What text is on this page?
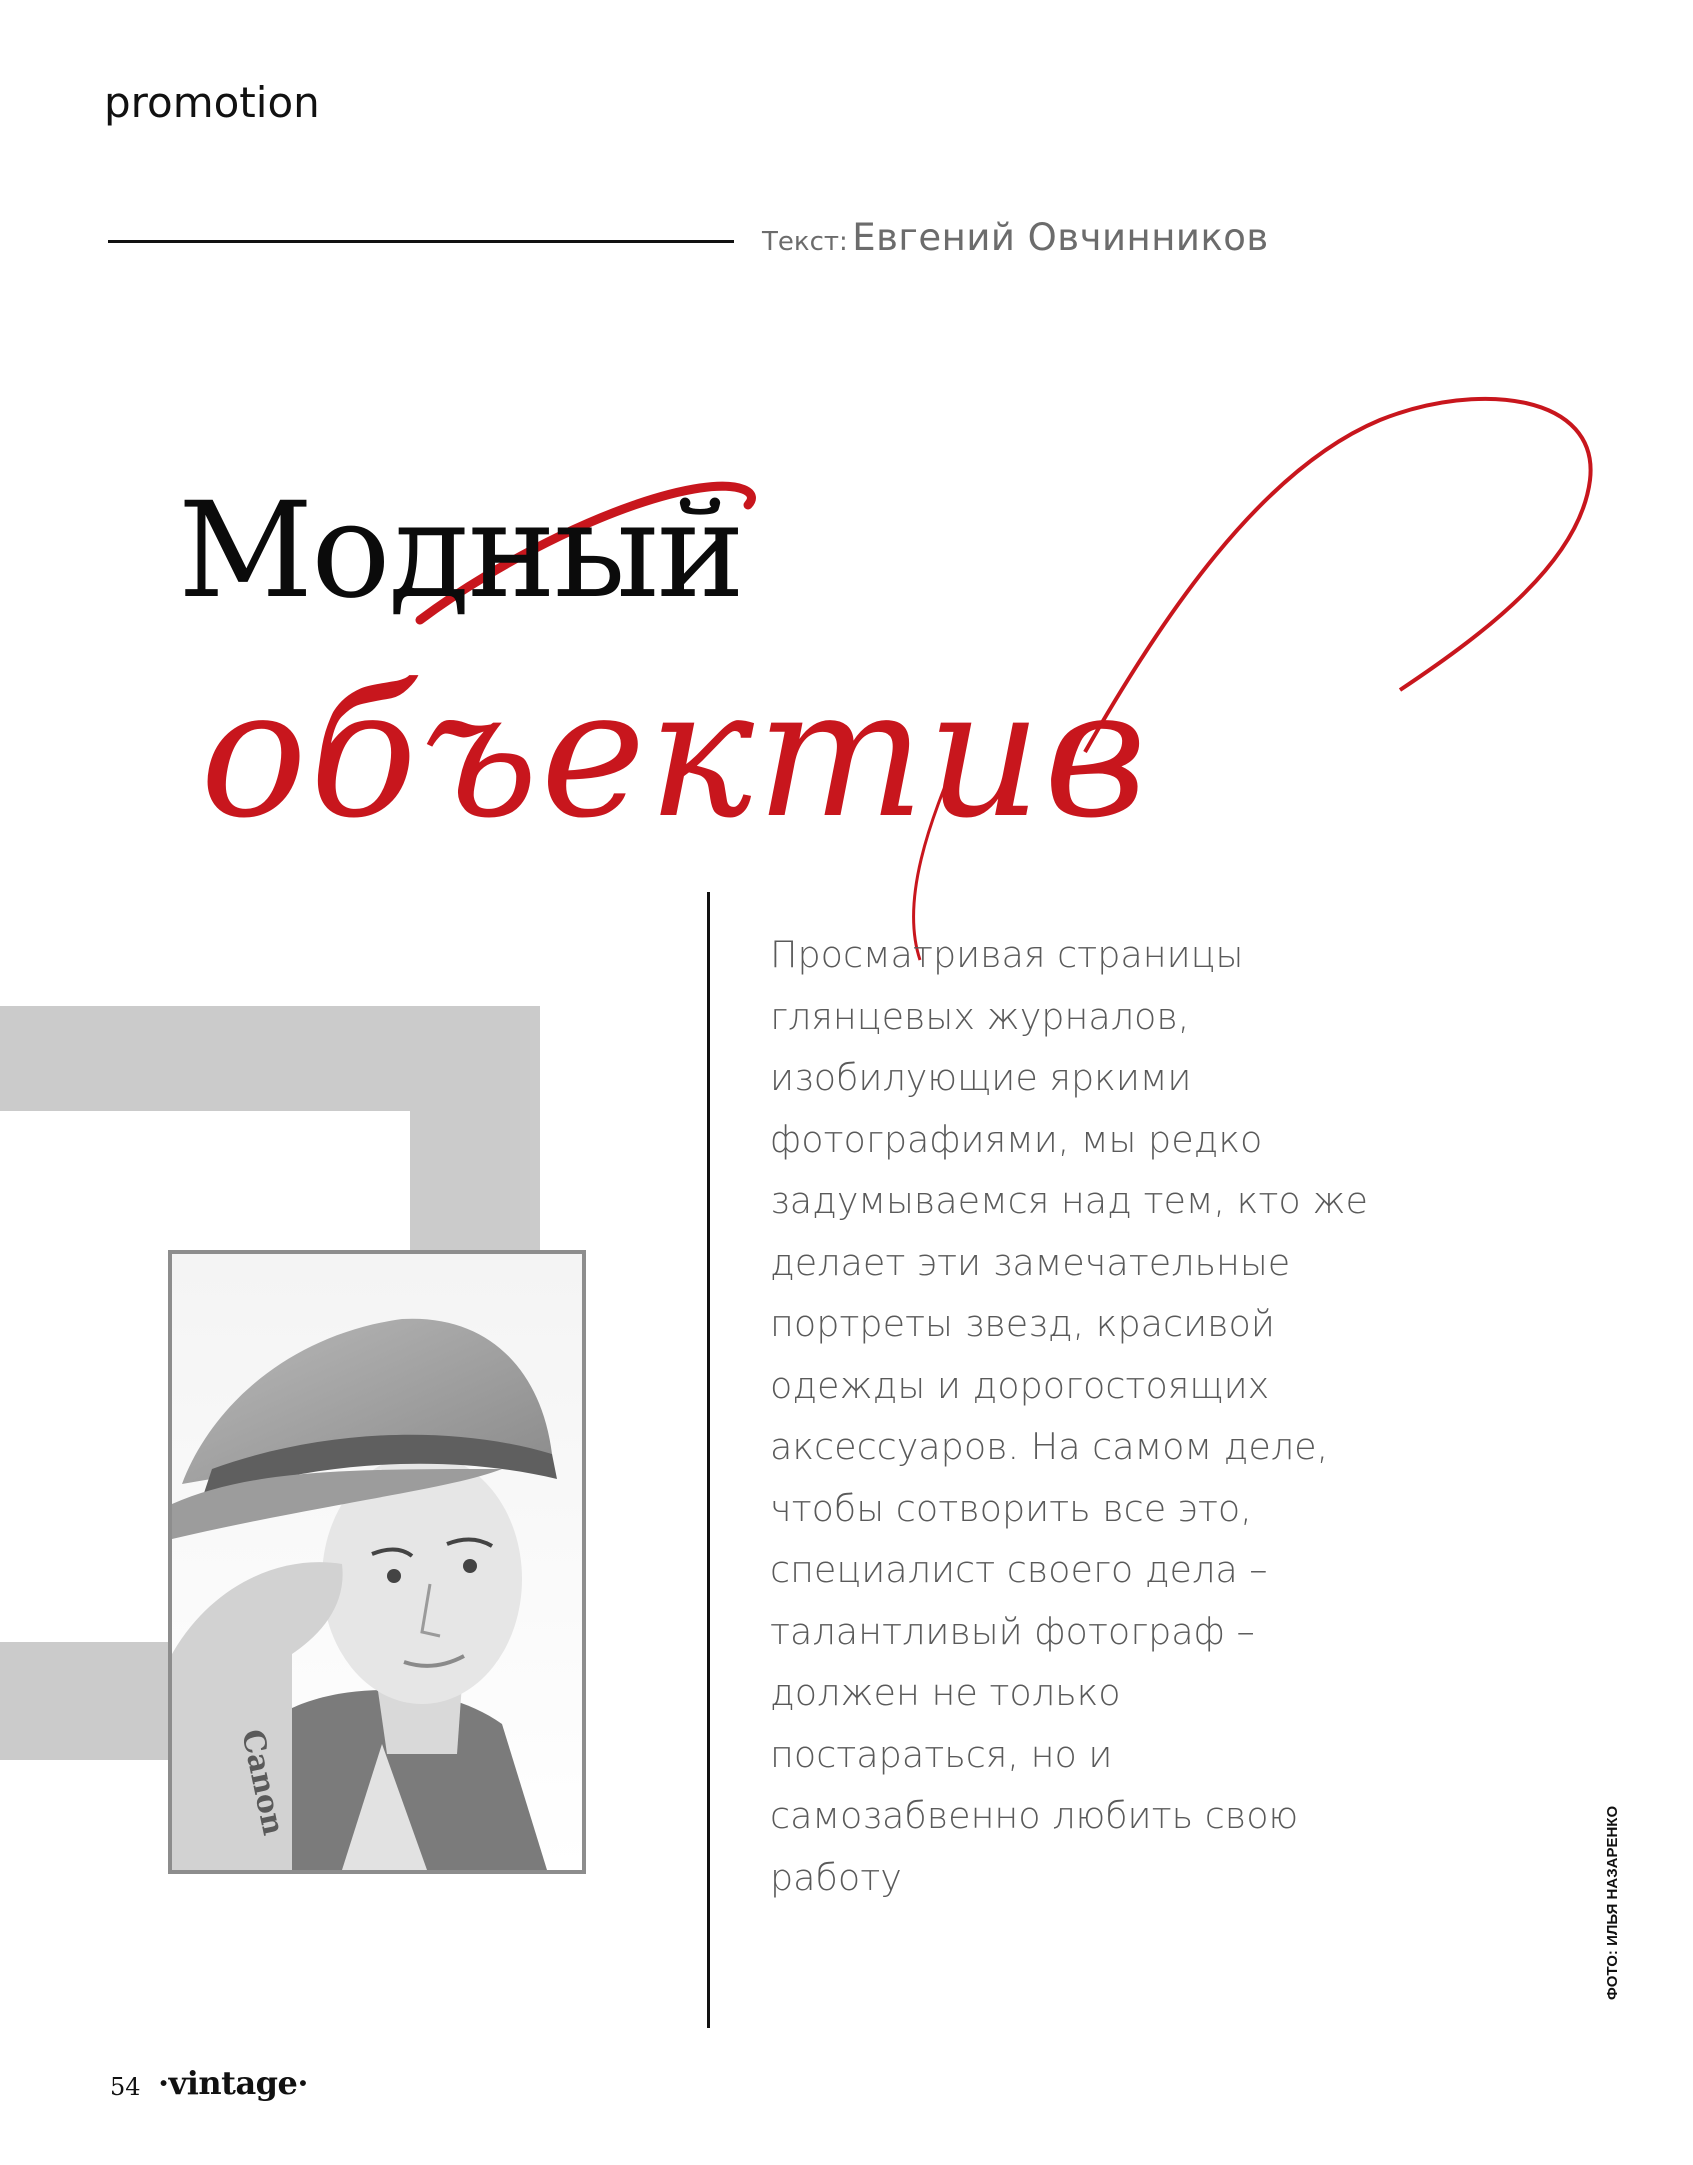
promotion
Текст: Евгений Овчинников
Модный
объектив
Canon

Просматривая страницы глянцевых журналов, изобилующие яркими фотографиями, мы редко задумываемся над тем, кто же делает эти замечательные портреты звезд, красивой одежды и дорогостоящих аксессуаров. На самом деле, чтобы сотворить все это, специалист своего дела – талантливый фотограф – должен не только постараться, но и самозабвенно любить свою работу	ФОТО: ИЛЬЯ НАЗАРЕНКО
54 ·vintage·
